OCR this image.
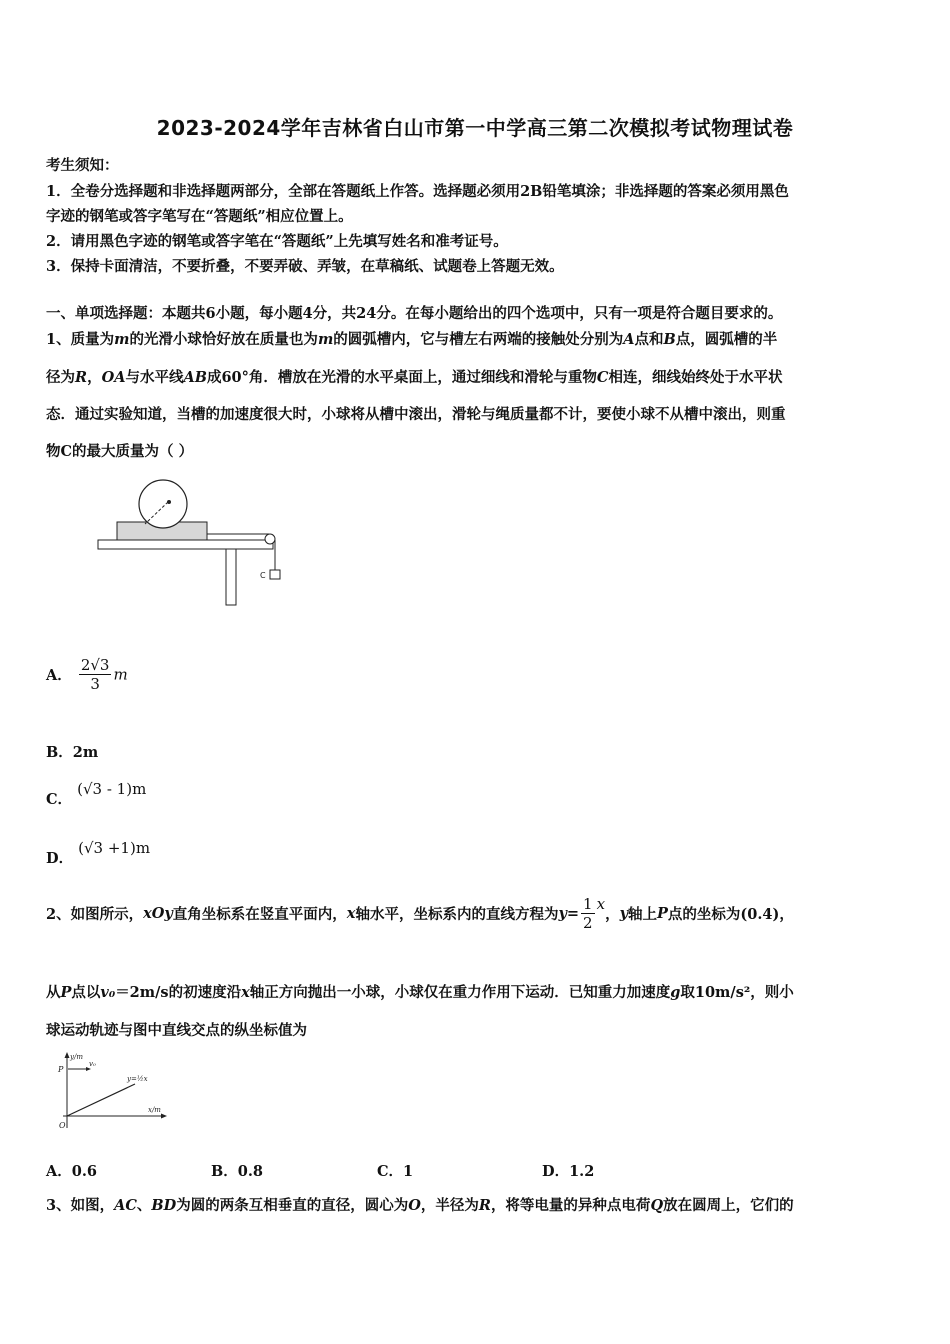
2023-2024学年吉林省白山市第一中学高三第二次模拟考试物理试卷
考生须知：
1．全卷分选择题和非选择题两部分，全部在答题纸上作答。选择题必须用2B铅笔填涂；非选择题的答案必须用黑色
字迹的钢笔或答字笔写在“答题纸”相应位置上。
2．请用黑色字迹的钢笔或答字笔在“答题纸”上先填写姓名和准考证号。
3．保持卡面清洁，不要折叠，不要弄破、弄皱，在草稿纸、试题卷上答题无效。
一、单项选择题：本题共6小题，每小题4分，共24分。在每小题给出的四个选项中，只有一项是符合题目要求的。
1、质量为m的光滑小球恰好放在质量也为m的圆弧槽内，它与槽左右两端的接触处分别为A点和B点，圆弧槽的半
径为R，OA与水平线AB成60°角．槽放在光滑的水平桌面上，通过细线和滑轮与重物C相连，细线始终处于水平状
态．通过实验知道，当槽的加速度很大时，小球将从槽中滚出，滑轮与绳质量都不计，要使小球不从槽中滚出，则重
物C的最大质量为（ ）
C
A． $\frac{2√3}{3}$ m
B．2m
C． (√3 - 1)m
D． (√3 +1)m
2、如图所示，xOy直角坐标系在竖直平面内，x轴水平，坐标系内的直线方程为$y= \frac{1}{2}$ x，y轴上P点的坐标为(0.4)，
从P点以v₀＝2m/s的初速度沿x轴正方向抛出一小球，小球仅在重力作用下运动．已知重力加速度g取10m/s²，则小
球运动轨迹与图中直线交点的纵坐标值为
y/m
x/m
P
v₀
y=½x
O
A．0.6	B．0.8	C．1	D．1.2
3、如图，AC、BD为圆的两条互相垂直的直径，圆心为O，半径为R，将等电量的异种点电荷Q放在圆周上，它们的
